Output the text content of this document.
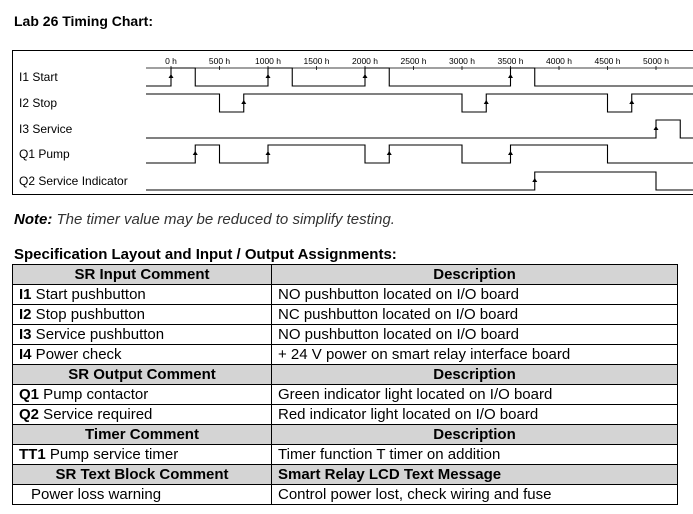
Lab 26 Timing Chart:
0 h	500 h	1000 h	1500 h	2000 h	2500 h	3000 h	3500 h	4000 h	4500 h	5000 h
I1 Start
I2 Stop
I3 Service
Q1 Pump
Q2 Service Indicator
Note: The timer value may be reduced to simplify testing.
Specification Layout and Input / Output Assignments:
SR Input Comment	Description
I1 Start pushbutton	NO pushbutton located on I/O board
I2 Stop pushbutton	NC pushbutton located on I/O board
I3 Service pushbutton	NO pushbutton located on I/O board
I4 Power check	+ 24 V power on smart relay interface board
SR Output Comment	Description
Q1 Pump contactor	Green indicator light located on I/O board
Q2 Service required	Red indicator light located on I/O board
Timer Comment	Description
TT1 Pump service timer	Timer function T timer on addition
SR Text Block Comment	Smart Relay LCD Text Message
Power loss warning	Control power lost, check wiring and fuse
